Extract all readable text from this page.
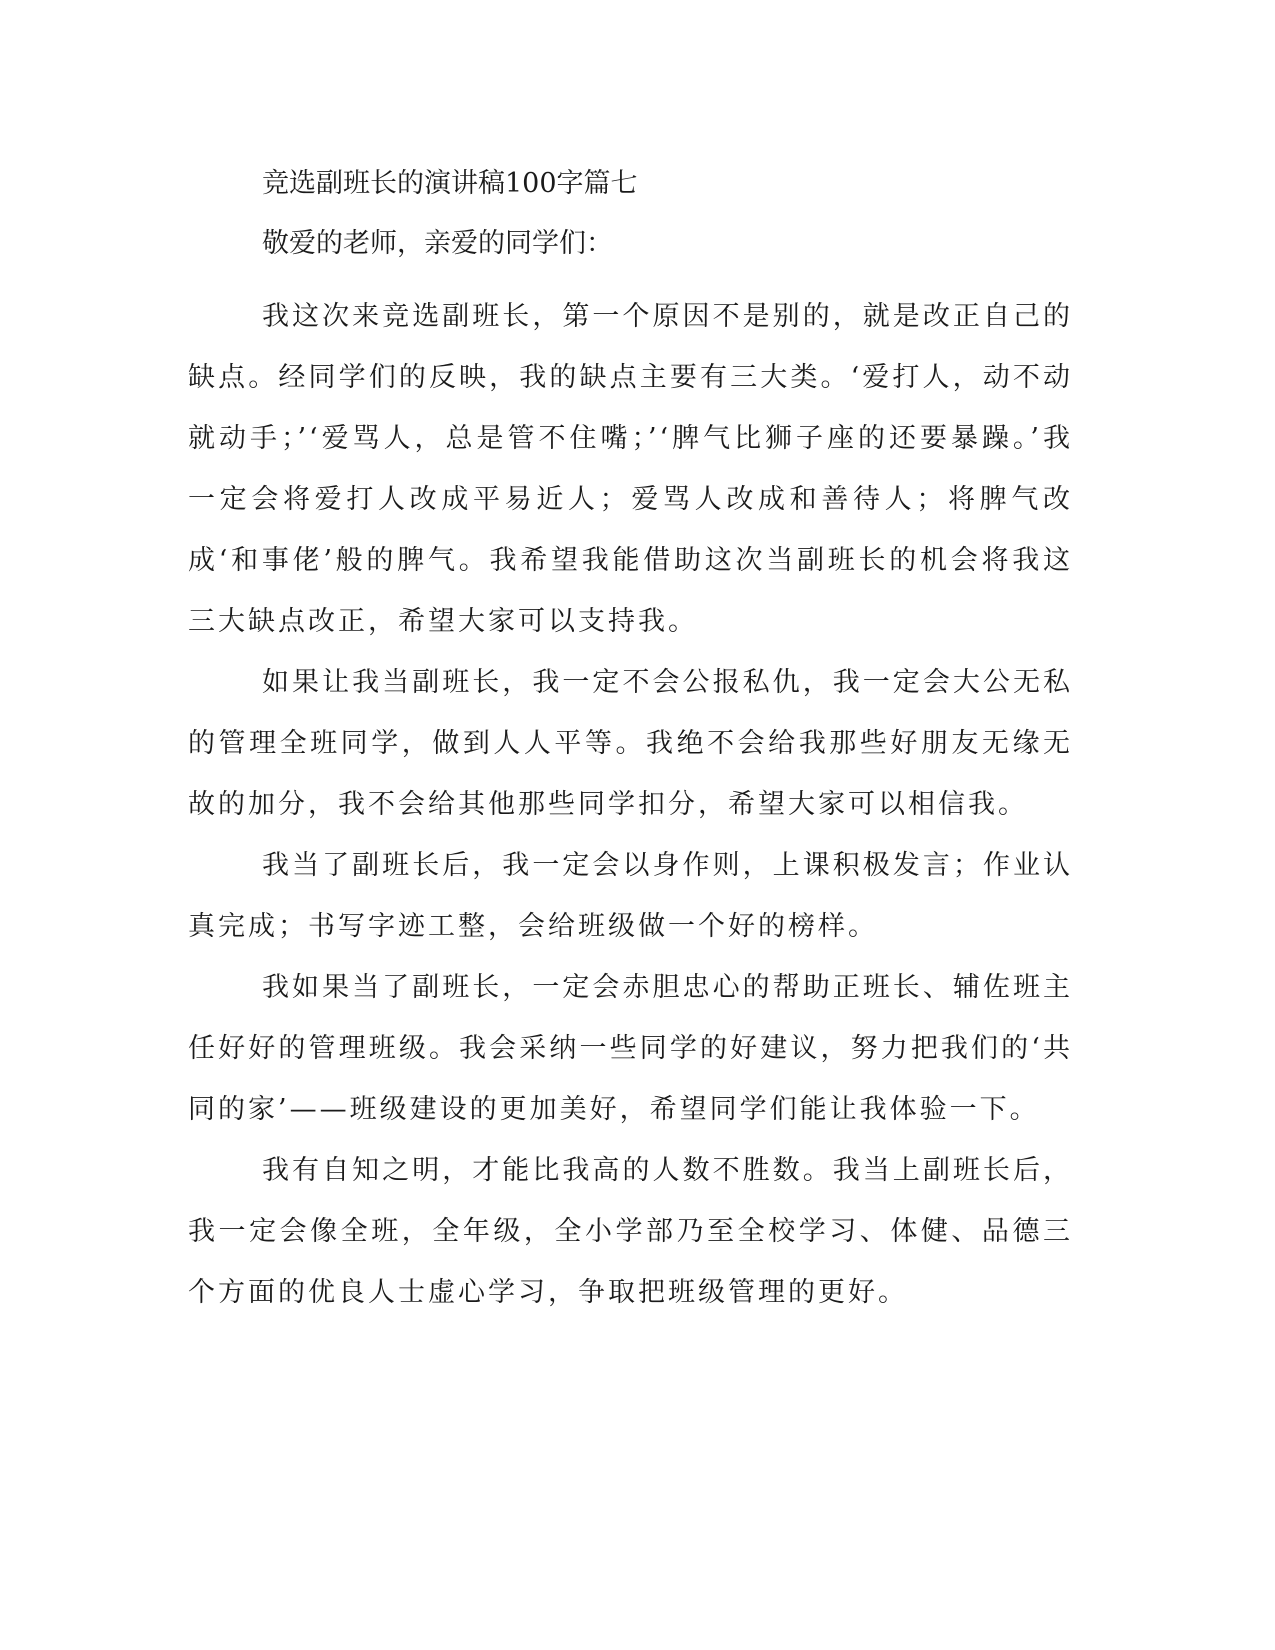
竞选副班长的演讲稿100字篇七

敬爱的老师，亲爱的同学们：

我这次来竞选副班长，第一个原因不是别的，就是改正自己的缺点。经同学们的反映，我的缺点主要有三大类。‘爱打人，动不动就动手；’‘爱骂人，总是管不住嘴；’‘脾气比狮子座的还要暴躁。’我一定会将爱打人改成平易近人；爱骂人改成和善待人；将脾气改成‘和事佬’般的脾气。我希望我能借助这次当副班长的机会将我这三大缺点改正，希望大家可以支持我。

如果让我当副班长，我一定不会公报私仇，我一定会大公无私的管理全班同学，做到人人平等。我绝不会给我那些好朋友无缘无故的加分，我不会给其他那些同学扣分，希望大家可以相信我。

我当了副班长后，我一定会以身作则，上课积极发言；作业认真完成；书写字迹工整，会给班级做一个好的榜样。

我如果当了副班长，一定会赤胆忠心的帮助正班长、辅佐班主任好好的管理班级。我会采纳一些同学的好建议，努力把我们的‘共同的家’——班级建设的更加美好，希望同学们能让我体验一下。

我有自知之明，才能比我高的人数不胜数。我当上副班长后，我一定会像全班，全年级，全小学部乃至全校学习、体健、品德三个方面的优良人士虚心学习，争取把班级管理的更好。
